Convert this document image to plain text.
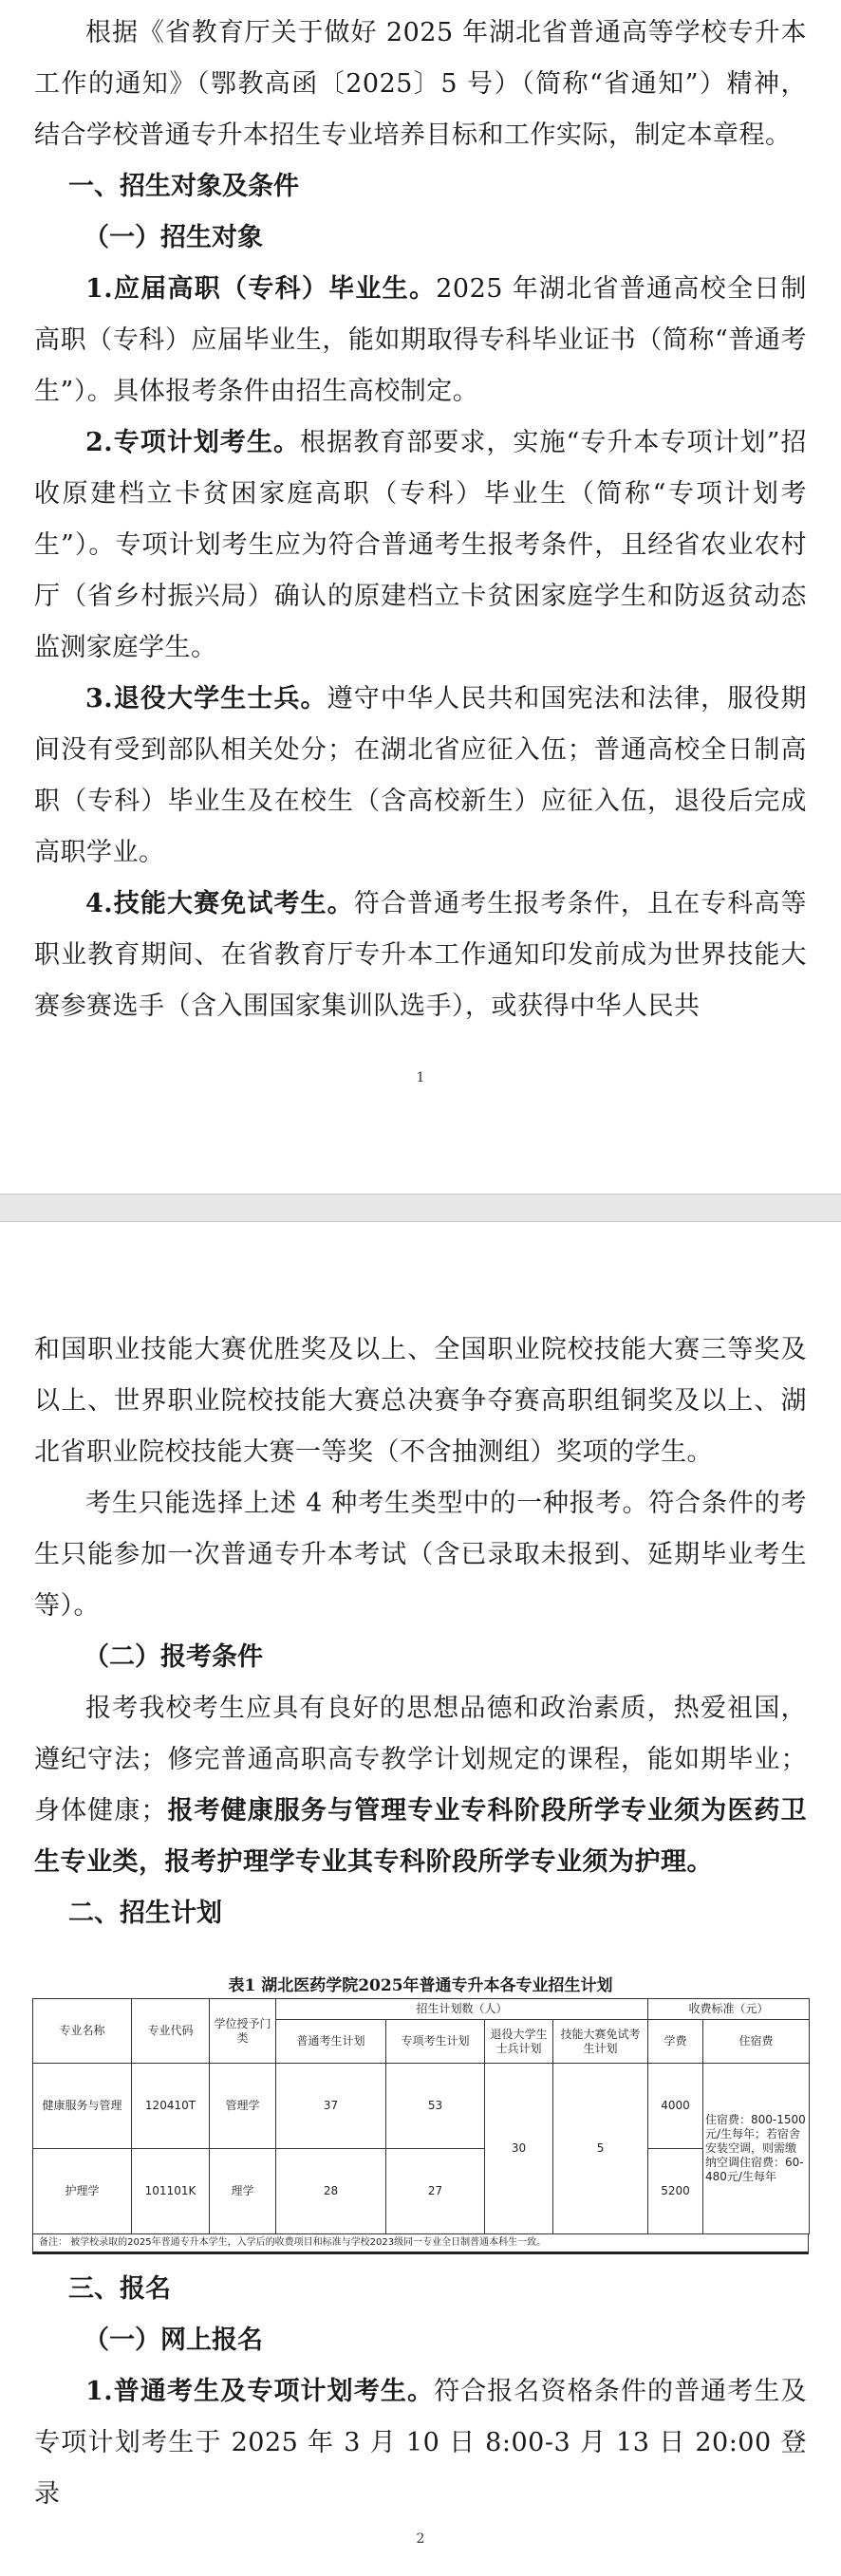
根据《省教育厅关于做好 2025 年湖北省普通高等学校专升本工作的通知》（鄂教高函〔2025〕5 号）（简称“省通知”）精神，结合学校普通专升本招生专业培养目标和工作实际，制定本章程。

一、招生对象及条件
（一）招生对象

1.应届高职（专科）毕业生。2025 年湖北省普通高校全日制高职（专科）应届毕业生，能如期取得专科毕业证书（简称“普通考生”）。具体报考条件由招生高校制定。

2.专项计划考生。根据教育部要求，实施“专升本专项计划”招收原建档立卡贫困家庭高职（专科）毕业生（简称“专项计划考生”）。专项计划考生应为符合普通考生报考条件，且经省农业农村厅（省乡村振兴局）确认的原建档立卡贫困家庭学生和防返贫动态监测家庭学生。

3.退役大学生士兵。遵守中华人民共和国宪法和法律，服役期间没有受到部队相关处分；在湖北省应征入伍；普通高校全日制高职（专科）毕业生及在校生（含高校新生）应征入伍，退役后完成高职学业。

4.技能大赛免试考生。符合普通考生报考条件，且在专科高等职业教育期间、在省教育厅专升本工作通知印发前成为世界技能大赛参赛选手（含入围国家集训队选手），或获得中华人民共

1

和国职业技能大赛优胜奖及以上、全国职业院校技能大赛三等奖及以上、世界职业院校技能大赛总决赛争夺赛高职组铜奖及以上、湖北省职业院校技能大赛一等奖（不含抽测组）奖项的学生。

考生只能选择上述 4 种考生类型中的一种报考。符合条件的考生只能参加一次普通专升本考试（含已录取未报到、延期毕业考生等）。

（二）报考条件

报考我校考生应具有良好的思想品德和政治素质，热爱祖国，遵纪守法；修完普通高职高专教学计划规定的课程，能如期毕业；身体健康；报考健康服务与管理专业专科阶段所学专业须为医药卫生专业类，报考护理学专业其专科阶段所学专业须为护理。

二、招生计划
表1 湖北医药学院2025年普通专升本各专业招生计划
专业名称	专业代码	学位授予门类	招生计划数（人）				收费标准（元）	
			普通考生计划	专项考生计划	退役大学生士兵计划	技能大赛免试考生计划	学费	住宿费
健康服务与管理	120410T	管理学	37	53	30	5	4000	住宿费：800-1500元/生每年；若宿舍安装空调，则需缴纳空调住宿费：60-480元/生每年
护理学	101101K	理学	28	27			5200	
备注： 被学校录取的2025年普通专升本学生，入学后的收费项目和标准与学校2023级同一专业全日制普通本科生一致。
三、报名
（一）网上报名

1.普通考生及专项计划考生。符合报名资格条件的普通考生及专项计划考生于 2025 年 3 月 10 日 8:00-3 月 13 日 20:00 登录

2
